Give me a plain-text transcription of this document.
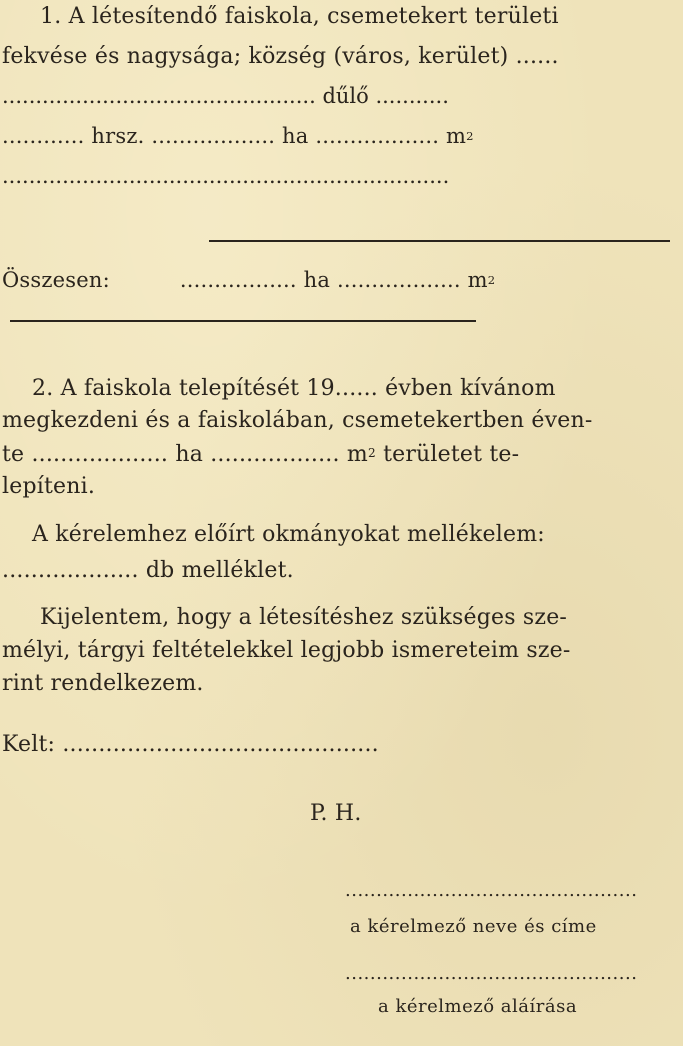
1. A létesítendő faiskola, csemetekert területi
fekvése és nagysága; község (város, kerület) ......
............................................... dűlő ...........
............ hrsz. .................. ha .................. $m^2$
...................................................................
Összesen:	................. ha .................. $m^2$
2. A faiskola telepítését 19...... évben kívánom
megkezdeni és a faiskolában, csemetekertben éven-
te ................... ha .................. $m^2$ területet te-
lepíteni.
A kérelemhez előírt okmányokat mellékelem:
................... db melléklet.
Kijelentem, hogy a létesítéshez szükséges sze-
mélyi, tárgyi feltételekkel legjobb ismereteim sze-
rint rendelkezem.
Kelt: ............................................
P. H.
...............................................
a kérelmező neve és címe
...............................................
a kérelmező aláírása
